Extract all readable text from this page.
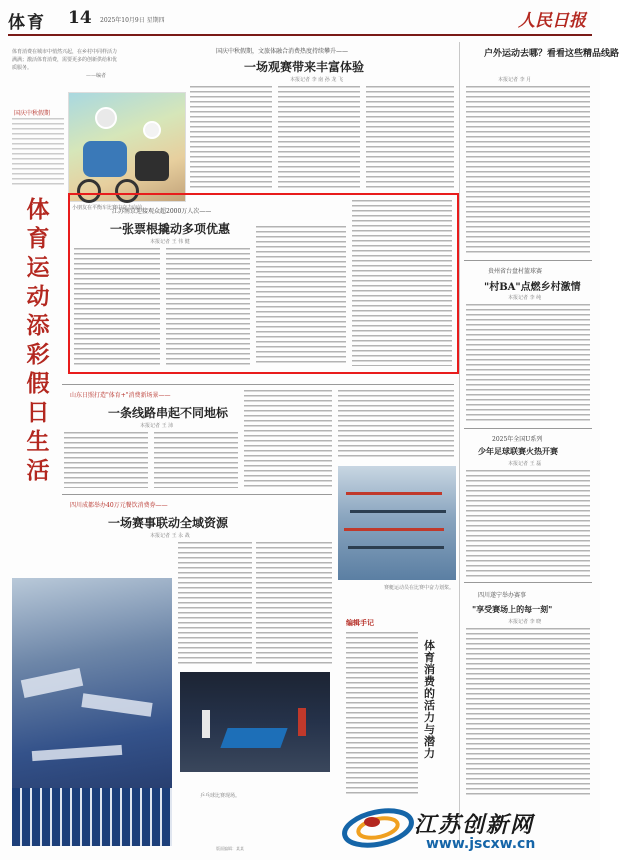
体育 14 2025年10月9日 星期四	人民日报
体育消费在城市中悄然兴起，在乡村中同样活力满满；激活体育消费，需要更多的创新供给和优质服务。
——编者
国庆中秋假期
体育运动添彩假日生活
小朋友在平衡车比赛中奋力向前。
国庆中秋假期，文旅体融合消费热度持续攀升——
一场观赛带来丰富体验
本报记者 李 南 孙 龙 飞
江苏南京迎接观众超2000万人次——
一张票根撬动多项优惠
本报记者 王 伟 健
山东日照打造"体育+"消费新场景——
一条线路串起不同地标
本报记者 王 沛
四川成都举办40万元餐饮消费券——
一场赛事联动全域资源
本报记者 王 永 战
赛艇运动员在比赛中奋力划桨。
编辑手记
体育消费的活力与潜力
乒乓球比赛现场。
户外运动去哪？看看这些精品线路
本报记者 李 月
贵州省台盘村篮球赛
"村BA"点燃乡村激情
本报记者 李 纯
2025年全国U系列
少年足球联赛火热开赛
本报记者 王 磊
四川遂宁举办赛事
"享受赛场上的每一刻"
本报记者 李 晓
江苏创新网
www.jscxw.cn
版面编辑：某某
